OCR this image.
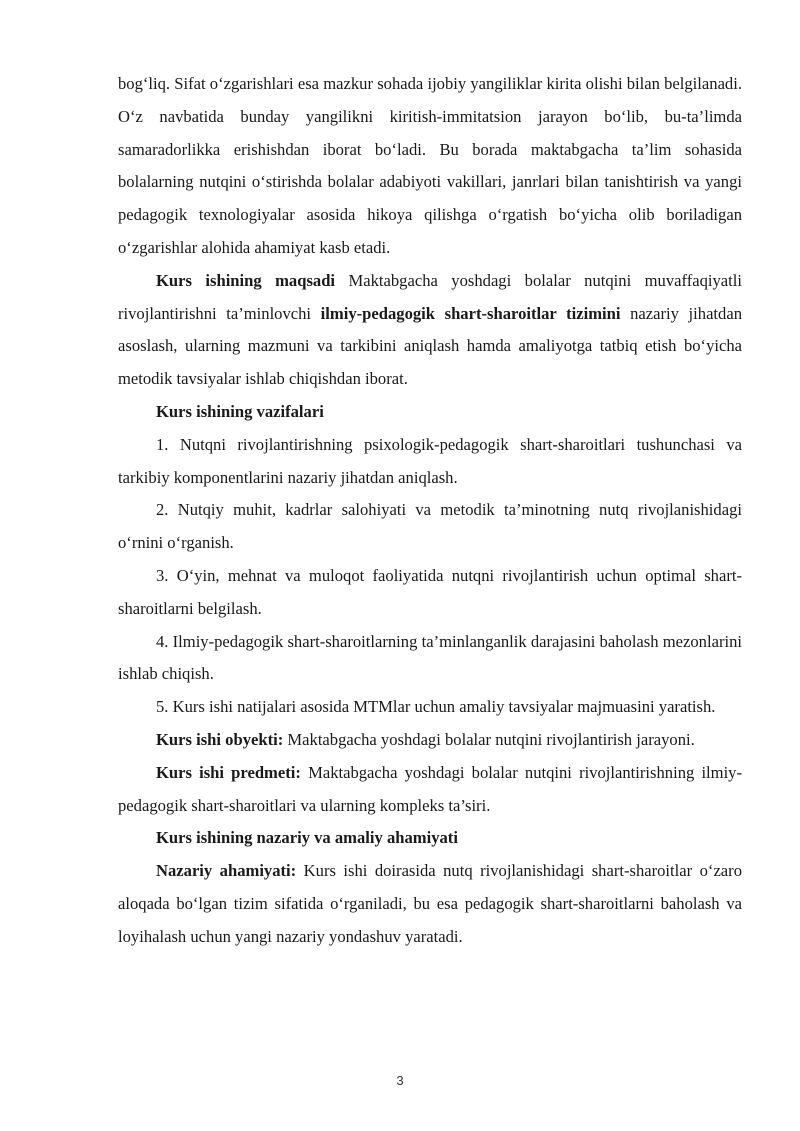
bog‘liq. Sifat o‘zgarishlari esa mazkur sohada ijobiy yangiliklar kirita olishi bilan belgilanadi. O‘z navbatida bunday yangilikni kiritish-immitatsion jarayon bo‘lib, bu-ta’limda samaradorlikka erishishdan iborat bo‘ladi. Bu borada maktabgacha ta’lim sohasida bolalarning nutqini o‘stirishda bolalar adabiyoti vakillari, janrlari bilan tanishtirish va yangi pedagogik texnologiyalar asosida hikoya qilishga o‘rgatish bo‘yicha olib boriladigan o‘zgarishlar alohida ahamiyat kasb etadi.

Kurs ishining maqsadi Maktabgacha yoshdagi bolalar nutqini muvaffaqiyatli rivojlantirishni ta’minlovchi ilmiy-pedagogik shart-sharoitlar tizimini nazariy jihatdan asoslash, ularning mazmuni va tarkibini aniqlash hamda amaliyotga tatbiq etish bo‘yicha metodik tavsiyalar ishlab chiqishdan iborat.

Kurs ishining vazifalari

1. Nutqni rivojlantirishning psixologik-pedagogik shart-sharoitlari tushunchasi va tarkibiy komponentlarini nazariy jihatdan aniqlash.

2. Nutqiy muhit, kadrlar salohiyati va metodik ta’minotning nutq rivojlanishidagi o‘rnini o‘rganish.

3. O‘yin, mehnat va muloqot faoliyatida nutqni rivojlantirish uchun optimal shart-sharoitlarni belgilash.

4. Ilmiy-pedagogik shart-sharoitlarning ta’minlanganlik darajasini baholash mezonlarini ishlab chiqish.

5. Kurs ishi natijalari asosida MTMlar uchun amaliy tavsiyalar majmuasini yaratish.

Kurs ishi obyekti: Maktabgacha yoshdagi bolalar nutqini rivojlantirish jarayoni.

Kurs ishi predmeti: Maktabgacha yoshdagi bolalar nutqini rivojlantirishning ilmiy-pedagogik shart-sharoitlari va ularning kompleks ta’siri.

Kurs ishining nazariy va amaliy ahamiyati

Nazariy ahamiyati: Kurs ishi doirasida nutq rivojlanishidagi shart-sharoitlar o‘zaro aloqada bo‘lgan tizim sifatida o‘rganiladi, bu esa pedagogik shart-sharoitlarni baholash va loyihalash uchun yangi nazariy yondashuv yaratadi.

3
